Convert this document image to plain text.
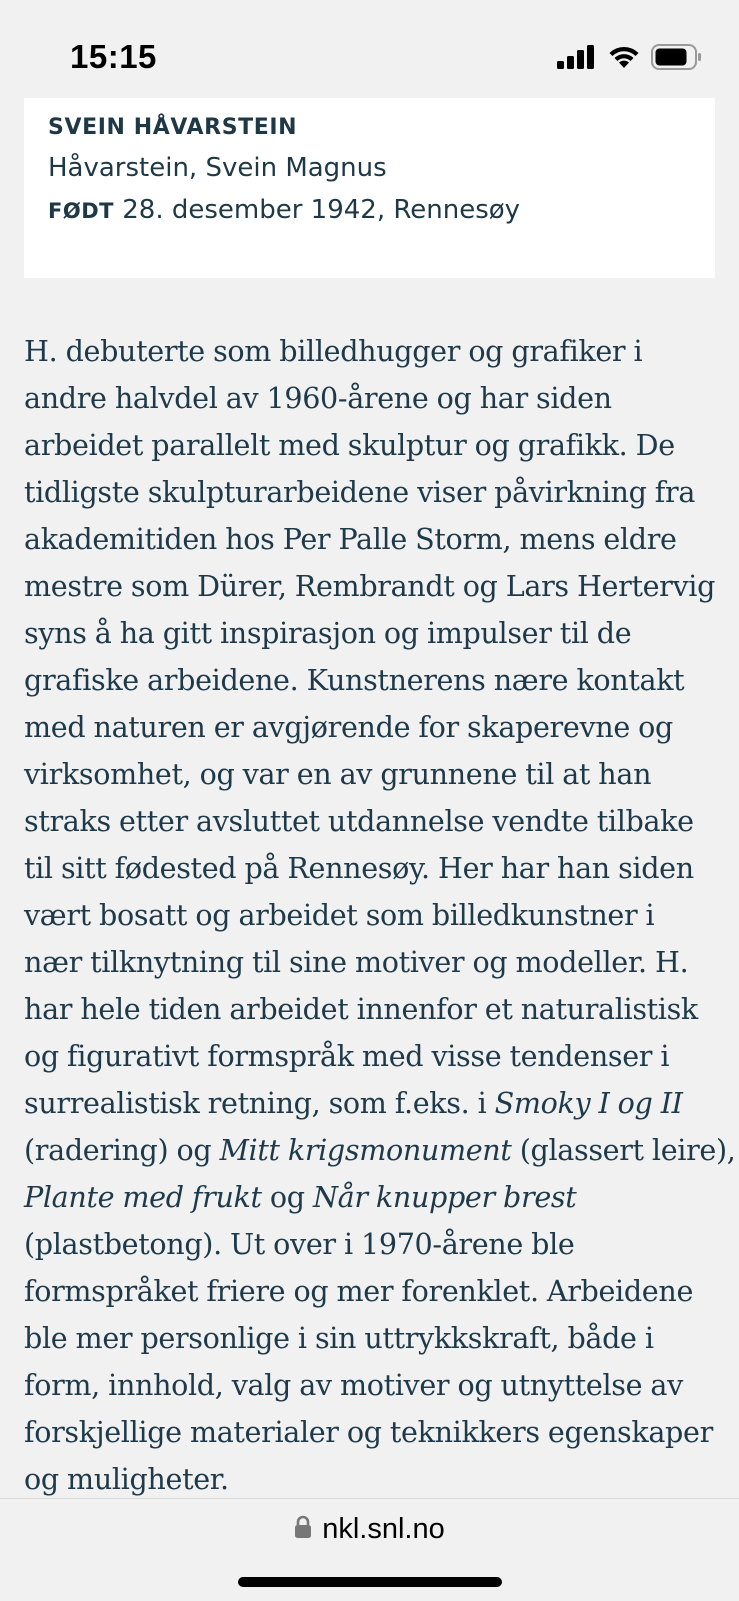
15:15
SVEIN HÅVARSTEIN
Håvarstein, Svein Magnus
FØDT 28. desember 1942, Rennesøy
H. debuterte som billedhugger og grafiker i
andre halvdel av 1960-årene og har siden
arbeidet parallelt med skulptur og grafikk. De
tidligste skulpturarbeidene viser påvirkning fra
akademitiden hos Per Palle Storm, mens eldre
mestre som Dürer, Rembrandt og Lars Hertervig
syns å ha gitt inspirasjon og impulser til de
grafiske arbeidene. Kunstnerens nære kontakt
med naturen er avgjørende for skaperevne og
virksomhet, og var en av grunnene til at han
straks etter avsluttet utdannelse vendte tilbake
til sitt fødested på Rennesøy. Her har han siden
vært bosatt og arbeidet som billedkunstner i
nær tilknytning til sine motiver og modeller. H.
har hele tiden arbeidet innenfor et naturalistisk
og figurativt formspråk med visse tendenser i
surrealistisk retning, som f.eks. i Smoky I og II
(radering) og Mitt krigsmonument (glassert leire),
Plante med frukt og Når knupper brest
(plastbetong). Ut over i 1970-årene ble
formspråket friere og mer forenklet. Arbeidene
ble mer personlige i sin uttrykkskraft, både i
form, innhold, valg av motiver og utnyttelse av
forskjellige materialer og teknikkers egenskaper
og muligheter.
nkl.snl.no
